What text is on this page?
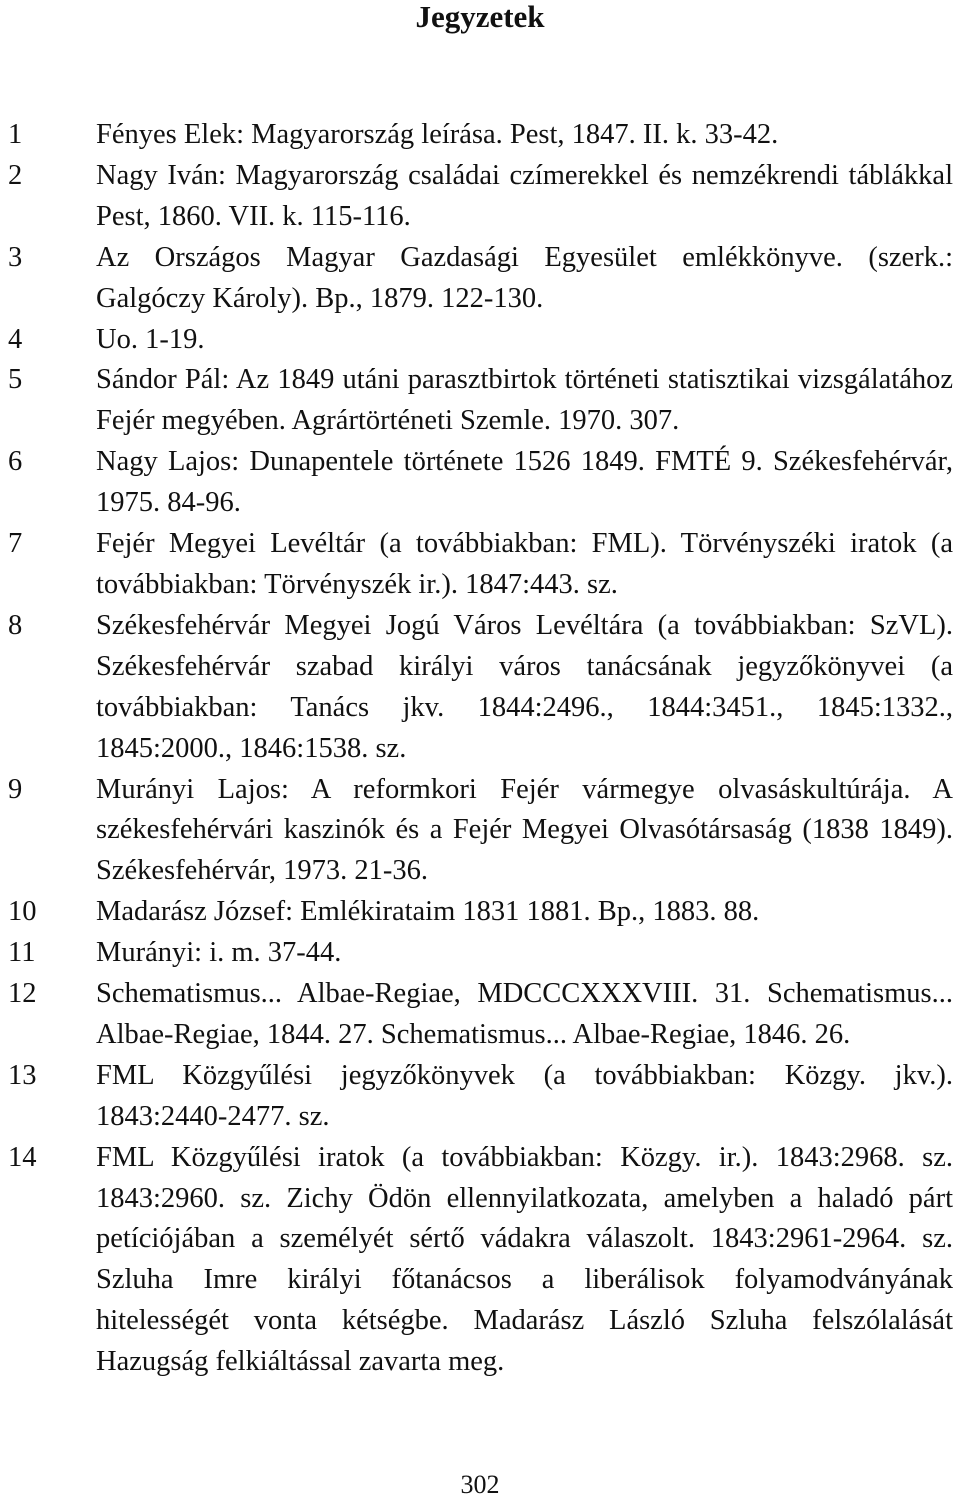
Jegyzetek
1	Fényes Elek: Magyarország leírása. Pest, 1847. II. k. 33-42.
2	Nagy Iván: Magyarország családai czímerekkel és nemzékrendi táblákkal Pest, 1860. VII. k. 115-116.
3	Az Országos Magyar Gazdasági Egyesület emlékkönyve. (szerk.: Galgóczy Károly). Bp., 1879. 122-130.
4	Uo. 1-19.
5	Sándor Pál: Az 1849 utáni parasztbirtok történeti statisztikai vizsgálatához Fejér megyében. Agrártörténeti Szemle. 1970. 307.
6	Nagy Lajos: Dunapentele története 1526 1849. FMTÉ 9. Székesfehérvár, 1975. 84-96.
7	Fejér Megyei Levéltár (a továbbiakban: FML). Törvényszéki iratok (a továbbiakban: Törvényszék ir.). 1847:443. sz.
8	Székesfehérvár Megyei Jogú Város Levéltára (a továbbiakban: SzVL). Székesfehérvár szabad királyi város tanácsának jegyzőkönyvei (a továbbiakban: Tanács jkv. 1844:2496., 1844:3451., 1845:1332., 1845:2000., 1846:1538. sz.
9	Murányi Lajos: A reformkori Fejér vármegye olvasáskultúrája. A székesfehérvári kaszinók és a Fejér Megyei Olvasótársaság (1838 1849). Székesfehérvár, 1973. 21-36.
10	Madarász József: Emlékirataim 1831 1881. Bp., 1883. 88.
11	Murányi: i. m. 37-44.
12	Schematismus... Albae-Regiae, MDCCCXXXVIII. 31. Schematismus... Albae-Regiae, 1844. 27. Schematismus... Albae-Regiae, 1846. 26.
13	FML Közgyűlési jegyzőkönyvek (a továbbiakban: Közgy. jkv.). 1843:2440-2477. sz.
14	FML Közgyűlési iratok (a továbbiakban: Közgy. ir.). 1843:2968. sz. 1843:2960. sz. Zichy Ödön ellennyilatkozata, amelyben a haladó párt petíciójában a személyét sértő vádakra válaszolt. 1843:2961-2964. sz. Szluha Imre királyi főtanácsos a liberálisok folyamodványának hitelességét vonta kétségbe. Madarász László Szluha felszólalását Hazugság felkiáltással zavarta meg.
302
